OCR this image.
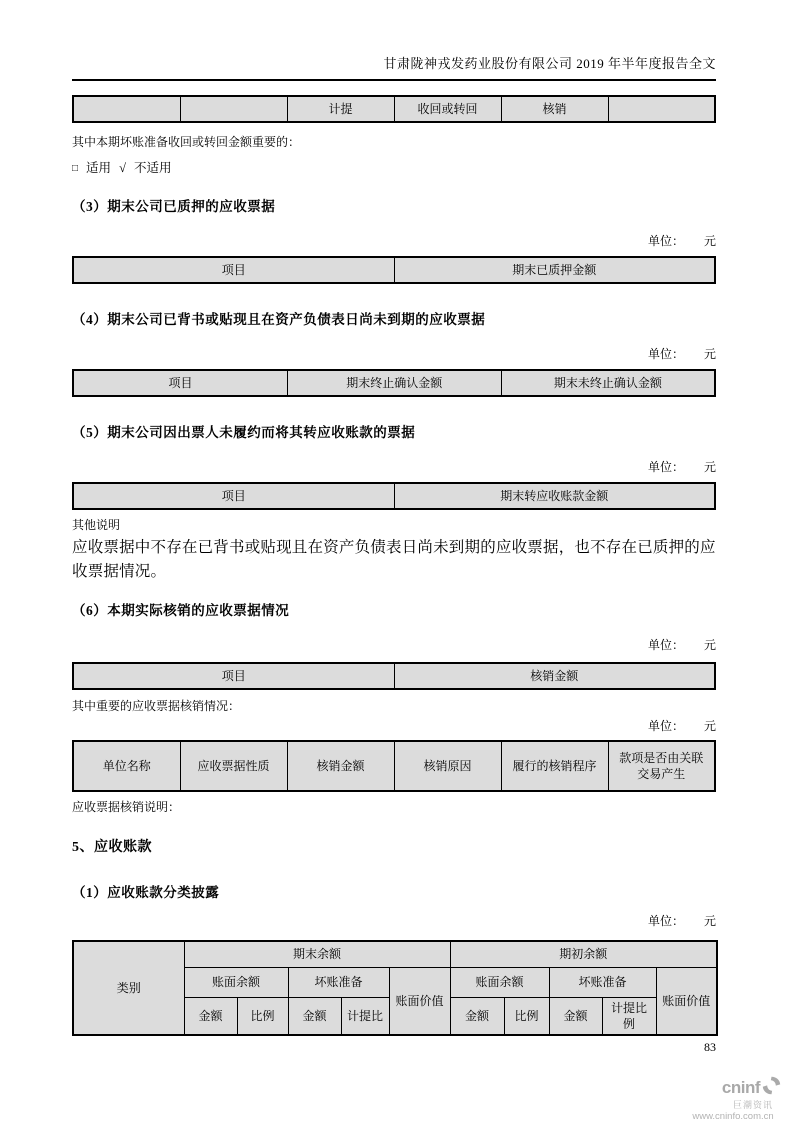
甘肃陇神戎发药业股份有限公司 2019 年半年度报告全文
		计提	收回或转回	核销	
其中本期坏账准备收回或转回金额重要的：
□ 适用 √ 不适用
（3）期末公司已质押的应收票据
单位： 元
项目	期末已质押金额
（4）期末公司已背书或贴现且在资产负债表日尚未到期的应收票据
单位： 元
项目	期末终止确认金额	期末未终止确认金额
（5）期末公司因出票人未履约而将其转应收账款的票据
单位： 元
项目	期末转应收账款金额
其他说明
应收票据中不存在已背书或贴现且在资产负债表日尚未到期的应收票据，也不存在已质押的应收票据情况。
（6）本期实际核销的应收票据情况
单位： 元
项目	核销金额
其中重要的应收票据核销情况：
单位： 元
单位名称	应收票据性质	核销金额	核销原因	履行的核销程序	款项是否由关联交易产生
应收票据核销说明：
5、应收账款
（1）应收账款分类披露
单位： 元
类别	期末余额					期初余额				
	账面余额		坏账准备		账面价值	账面余额		坏账准备		账面价值
	金额	比例	金额	计提比		金额	比例	金额	计提比例	
83
cninf
巨潮资讯
www.cninfo.com.cn
